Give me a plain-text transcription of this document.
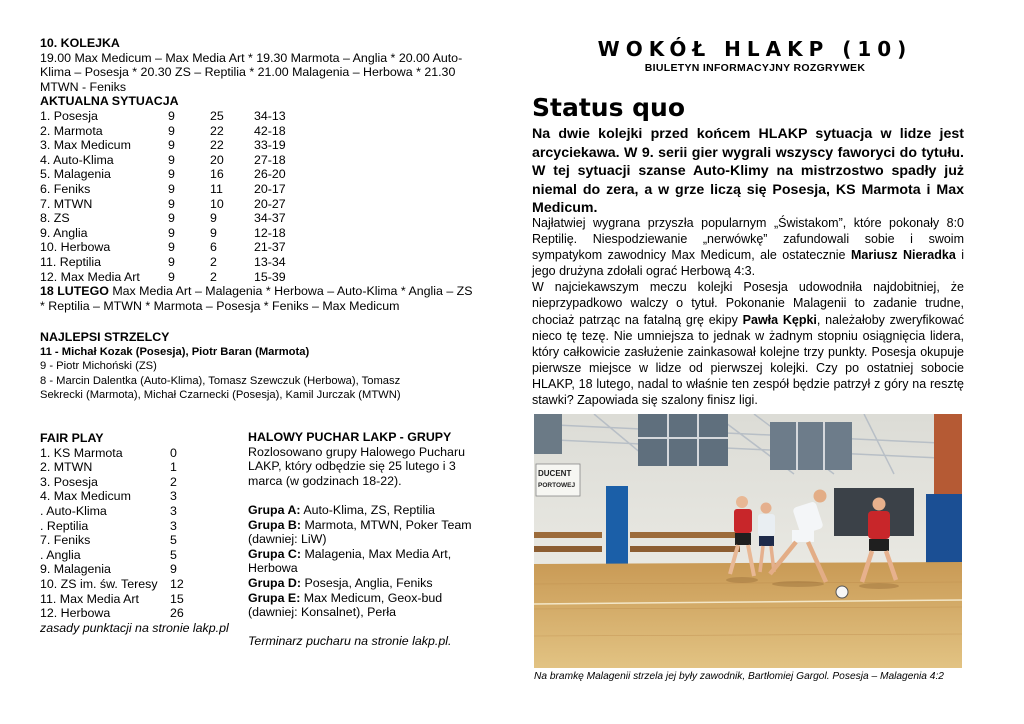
10. KOLEJKA
19.00 Max Medicum – Max Media Art * 19.30 Marmota – Anglia * 20.00 Auto-Klima – Posesja * 20.30 ZS – Reptilia * 21.00 Malagenia – Herbowa * 21.30 MTWN - Feniks
AKTUALNA SYTUACJA
1. Posesja	9	25	34-13
2. Marmota	9	22	42-18
3. Max Medicum	9	22	33-19
4. Auto-Klima	9	20	27-18
5. Malagenia	9	16	26-20
6. Feniks	9	11	20-17
7. MTWN	9	10	20-27
8. ZS	9	9	34-37
9. Anglia	9	9	12-18
10. Herbowa	9	6	21-37
11. Reptilia	9	2	13-34
12. Max Media Art	9	2	15-39
18 LUTEGO Max Media Art – Malagenia * Herbowa – Auto-Klima * Anglia – ZS * Reptilia – MTWN * Marmota – Posesja * Feniks – Max Medicum
NAJLEPSI STRZELCY
11 - Michał Kozak (Posesja), Piotr Baran (Marmota)
9 - Piotr Michoński (ZS)
8 - Marcin Dalentka (Auto-Klima), Tomasz Szewczuk (Herbowa), Tomasz
Sekrecki (Marmota), Michał Czarnecki (Posesja), Kamil Jurczak (MTWN)
FAIR PLAY
1. KS Marmota	0
2. MTWN	1
3. Posesja	2
4. Max Medicum	3
. Auto-Klima	3
. Reptilia	3
7. Feniks	5
. Anglia	5
9. Malagenia	9
10. ZS im. św. Teresy	12
11. Max Media Art	15
12. Herbowa	26
zasady punktacji na stronie lakp.pl

HALOWY PUCHAR LAKP - GRUPY

Rozlosowano grupy Halowego Pucharu LAKP, który odbędzie się 25 lutego i 3 marca (w godzinach 18-22).

Grupa A: Auto-Klima, ZS, Reptilia
Grupa B: Marmota, MTWN, Poker Team (dawniej: LiW)
Grupa C: Malagenia, Max Media Art, Herbowa
Grupa D: Posesja, Anglia, Feniks
Grupa E: Max Medicum, Geox-bud (dawniej: Konsalnet), Perła

Terminarz pucharu na stronie lakp.pl.

WOKÓŁ HLAKP (10)
BIULETYN INFORMACYJNY ROZGRYWEK
Status quo
Na dwie kolejki przed końcem HLAKP sytuacja w lidze jest arcyciekawa. W 9. serii gier wygrali wszyscy faworyci do tytułu. W tej sytuacji szanse Auto-Klimy na mistrzostwo spadły już niemal do zera, a w grze liczą się Posesja, KS Marmota i Max Medicum.
Najłatwiej wygrana przyszła popularnym „Świstakom”, które pokonały 8:0 Reptilię. Niespodziewanie „nerwówkę” zafundowali sobie i swoim sympatykom zawodnicy Max Medicum, ale ostatecznie Mariusz Nieradka i jego drużyna zdołali ograć Herbową 4:3.
W najciekawszym meczu kolejki Posesja udowodniła najdobitniej, że nieprzypadkowo walczy o tytuł. Pokonanie Malagenii to zadanie trudne, chociaż patrząc na fatalną grę ekipy Pawła Kępki, należałoby zweryfikować nieco tę tezę. Nie umniejsza to jednak w żadnym stopniu osiągnięcia lidera, który całkowicie zasłużenie zainkasował kolejne trzy punkty. Posesja okupuje pierwsze miejsce w lidze od pierwszej kolejki. Czy po ostatniej sobocie HLAKP, 18 lutego, nadal to właśnie ten zespół będzie patrzył z góry na resztę stawki? Zapowiada się szalony finisz ligi.
DUCENT
PORTOWEJ
Na bramkę Malagenii strzela jej były zawodnik, Bartłomiej Gargol. Posesja – Malagenia 4:2
